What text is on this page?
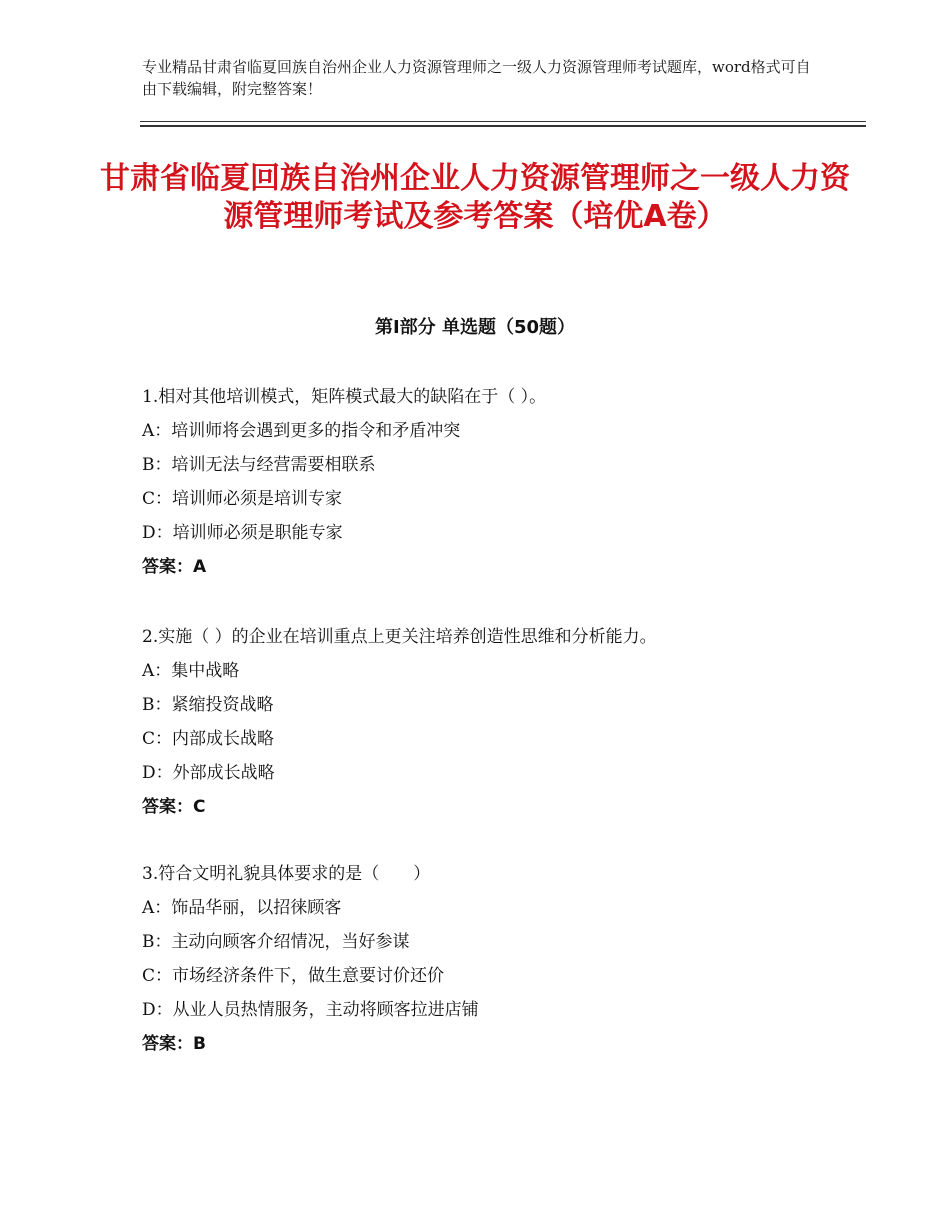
专业精品甘肃省临夏回族自治州企业人力资源管理师之一级人力资源管理师考试题库，word格式可自由下载编辑，附完整答案！
甘肃省临夏回族自治州企业人力资源管理师之一级人力资源管理师考试及参考答案（培优A卷）
第Ⅰ部分 单选题（50题）
1.相对其他培训模式，矩阵模式最大的缺陷在于（ ）。
A：培训师将会遇到更多的指令和矛盾冲突
B：培训无法与经营需要相联系
C：培训师必须是培训专家
D：培训师必须是职能专家
答案：A
2.实施（ ）的企业在培训重点上更关注培养创造性思维和分析能力。
A：集中战略
B：紧缩投资战略
C：内部成长战略
D：外部成长战略
答案：C
3.符合文明礼貌具体要求的是（　　）
A：饰品华丽，以招徕顾客
B：主动向顾客介绍情况，当好参谋
C：市场经济条件下，做生意要讨价还价
D：从业人员热情服务，主动将顾客拉进店铺
答案：B
